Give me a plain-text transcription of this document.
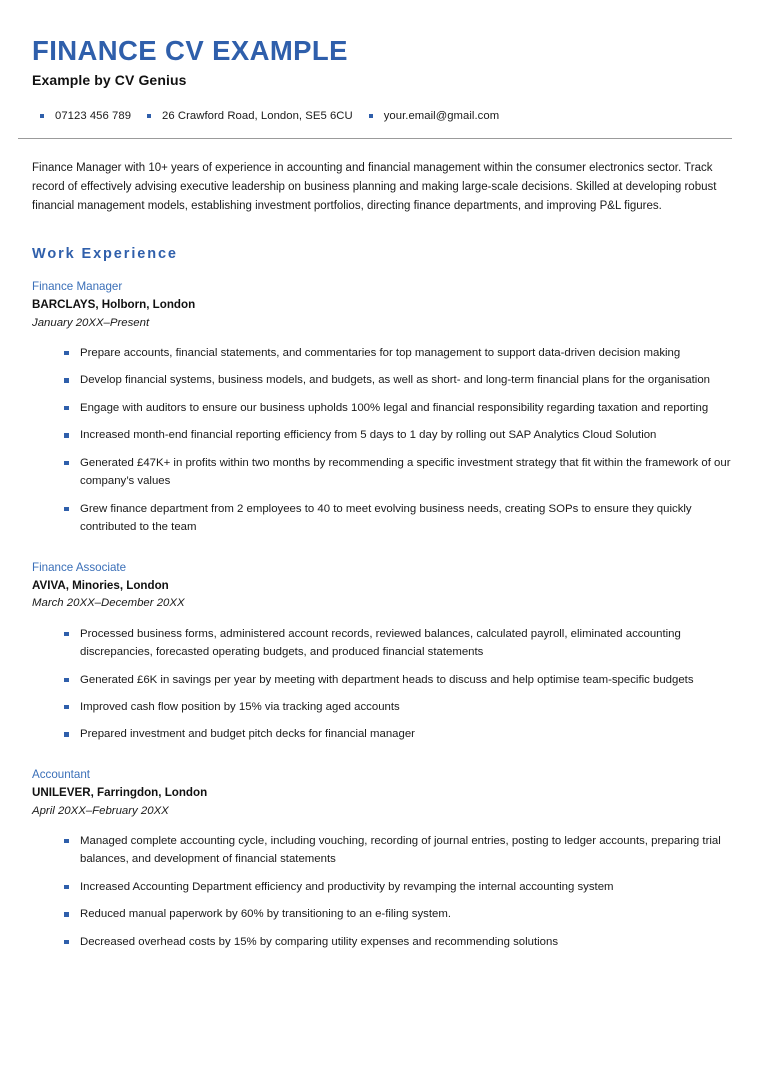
FINANCE CV EXAMPLE
Example by CV Genius
07123 456 789	26 Crawford Road, London, SE5 6CU	your.email@gmail.com

Finance Manager with 10+ years of experience in accounting and financial management within the consumer electronics sector. Track record of effectively advising executive leadership on business planning and making large-scale decisions. Skilled at developing robust financial management models, establishing investment portfolios, directing finance departments, and improving P&L figures.

Work Experience
Finance Manager
BARCLAYS, Holborn, London
January 20XX–Present
Prepare accounts, financial statements, and commentaries for top management to support data-driven decision making
Develop financial systems, business models, and budgets, as well as short- and long-term financial plans for the organisation
Engage with auditors to ensure our business upholds 100% legal and financial responsibility regarding taxation and reporting
Increased month-end financial reporting efficiency from 5 days to 1 day by rolling out SAP Analytics Cloud Solution
Generated £47K+ in profits within two months by recommending a specific investment strategy that fit within the framework of our company’s values
Grew finance department from 2 employees to 40 to meet evolving business needs, creating SOPs to ensure they quickly contributed to the team
Finance Associate
AVIVA, Minories, London
March 20XX–December 20XX
Processed business forms, administered account records, reviewed balances, calculated payroll, eliminated accounting discrepancies, forecasted operating budgets, and produced financial statements
Generated £6K in savings per year by meeting with department heads to discuss and help optimise team-specific budgets
Improved cash flow position by 15% via tracking aged accounts
Prepared investment and budget pitch decks for financial manager
Accountant
UNILEVER, Farringdon, London
April 20XX–February 20XX
Managed complete accounting cycle, including vouching, recording of journal entries, posting to ledger accounts, preparing trial balances, and development of financial statements
Increased Accounting Department efficiency and productivity by revamping the internal accounting system
Reduced manual paperwork by 60% by transitioning to an e-filing system.
Decreased overhead costs by 15% by comparing utility expenses and recommending solutions
